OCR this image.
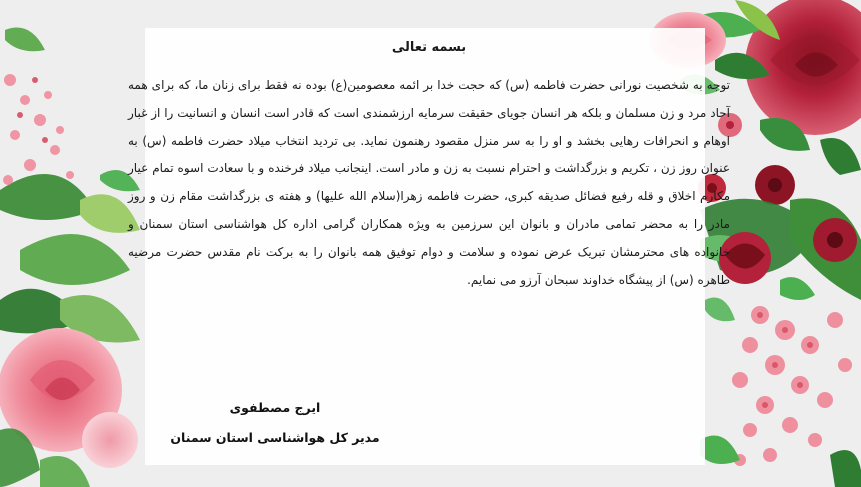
بسمه تعالی

توجه به شخصیت نورانی حضرت فاطمه (س) که حجت خدا بر ائمه معصومین(ع) بوده نه فقط برای زنان ما، که برای همه آحاد مرد و زن مسلمان و بلکه هر انسان جویای حقیقت سرمایه ارزشمندی است که قادر است انسان و انسانیت را از غبار اوهام و انحرافات رهایی بخشد و او را به سر منزل مقصود رهنمون نماید. بی تردید انتخاب میلاد حضرت فاطمه (س) به عنوان روز زن ، تکریم و بزرگداشت و احترام نسبت به زن و مادر است. اینجانب میلاد فرخنده و با سعادت اسوه تمام عیار مکارم اخلاق و قله رفیع فضائل صدیقه کبری، حضرت فاطمه زهرا(سلام الله علیها) و هفته ی بزرگداشت مقام زن و روز مادر را به محضر تمامی مادران و بانوان این سرزمین به ویژه همکاران گرامی اداره کل هواشناسی استان سمنان و خانواده های محترمشان تبریک عرض نموده و سلامت و دوام توفیق همه بانوان را به برکت نام مقدس حضرت مرضیه طاهره (س) از پیشگاه خداوند سبحان آرزو می نمایم.

ایرج مصطفوی
مدیر کل هواشناسی استان سمنان
